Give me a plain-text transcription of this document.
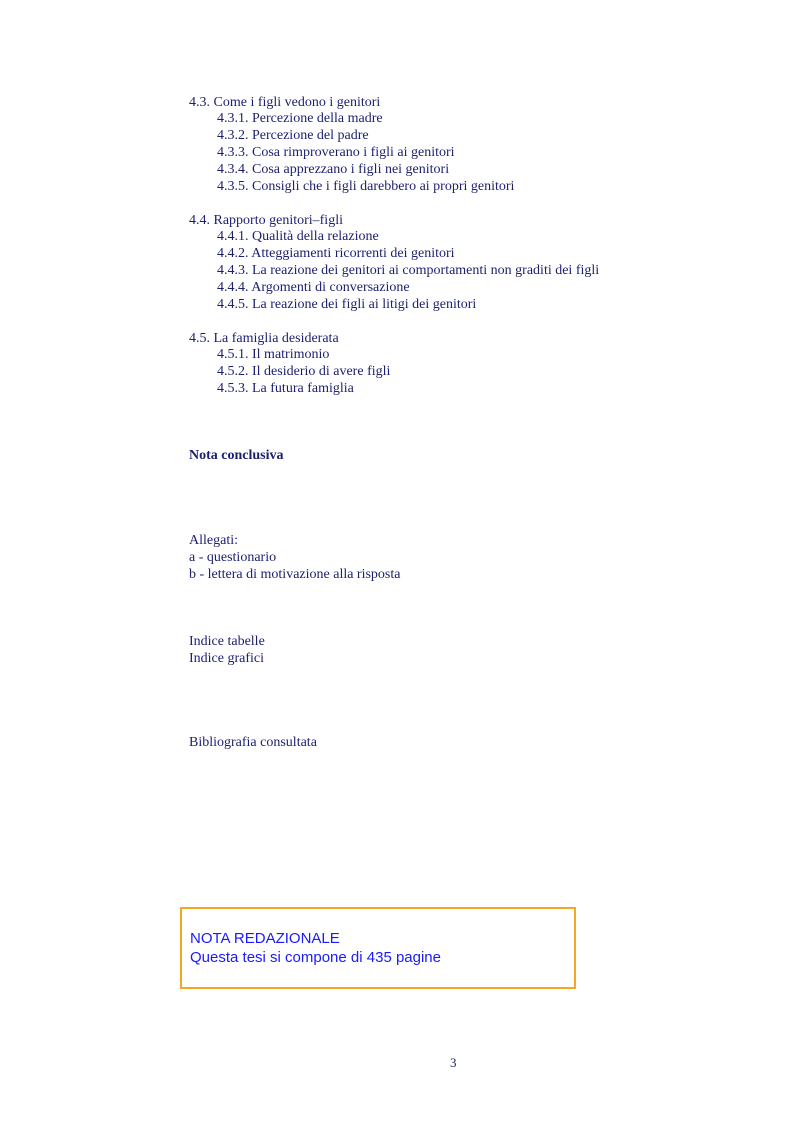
4.3. Come i figli vedono i genitori
4.3.1. Percezione della madre
4.3.2. Percezione del padre
4.3.3. Cosa rimproverano i figli ai genitori
4.3.4. Cosa apprezzano i figli nei genitori
4.3.5. Consigli che i figli darebbero ai propri genitori
4.4. Rapporto genitori–figli
4.4.1. Qualità della relazione
4.4.2. Atteggiamenti ricorrenti dei genitori
4.4.3. La reazione dei genitori ai comportamenti non graditi dei figli
4.4.4. Argomenti di conversazione
4.4.5. La reazione dei figli ai litigi dei genitori
4.5. La famiglia desiderata
4.5.1. Il matrimonio
4.5.2. Il desiderio di avere figli
4.5.3. La futura famiglia
Nota conclusiva
Allegati:
a - questionario
b - lettera di motivazione alla risposta
Indice tabelle
Indice grafici
Bibliografia consultata
NOTA REDAZIONALE
Questa tesi si compone di 435 pagine
3
